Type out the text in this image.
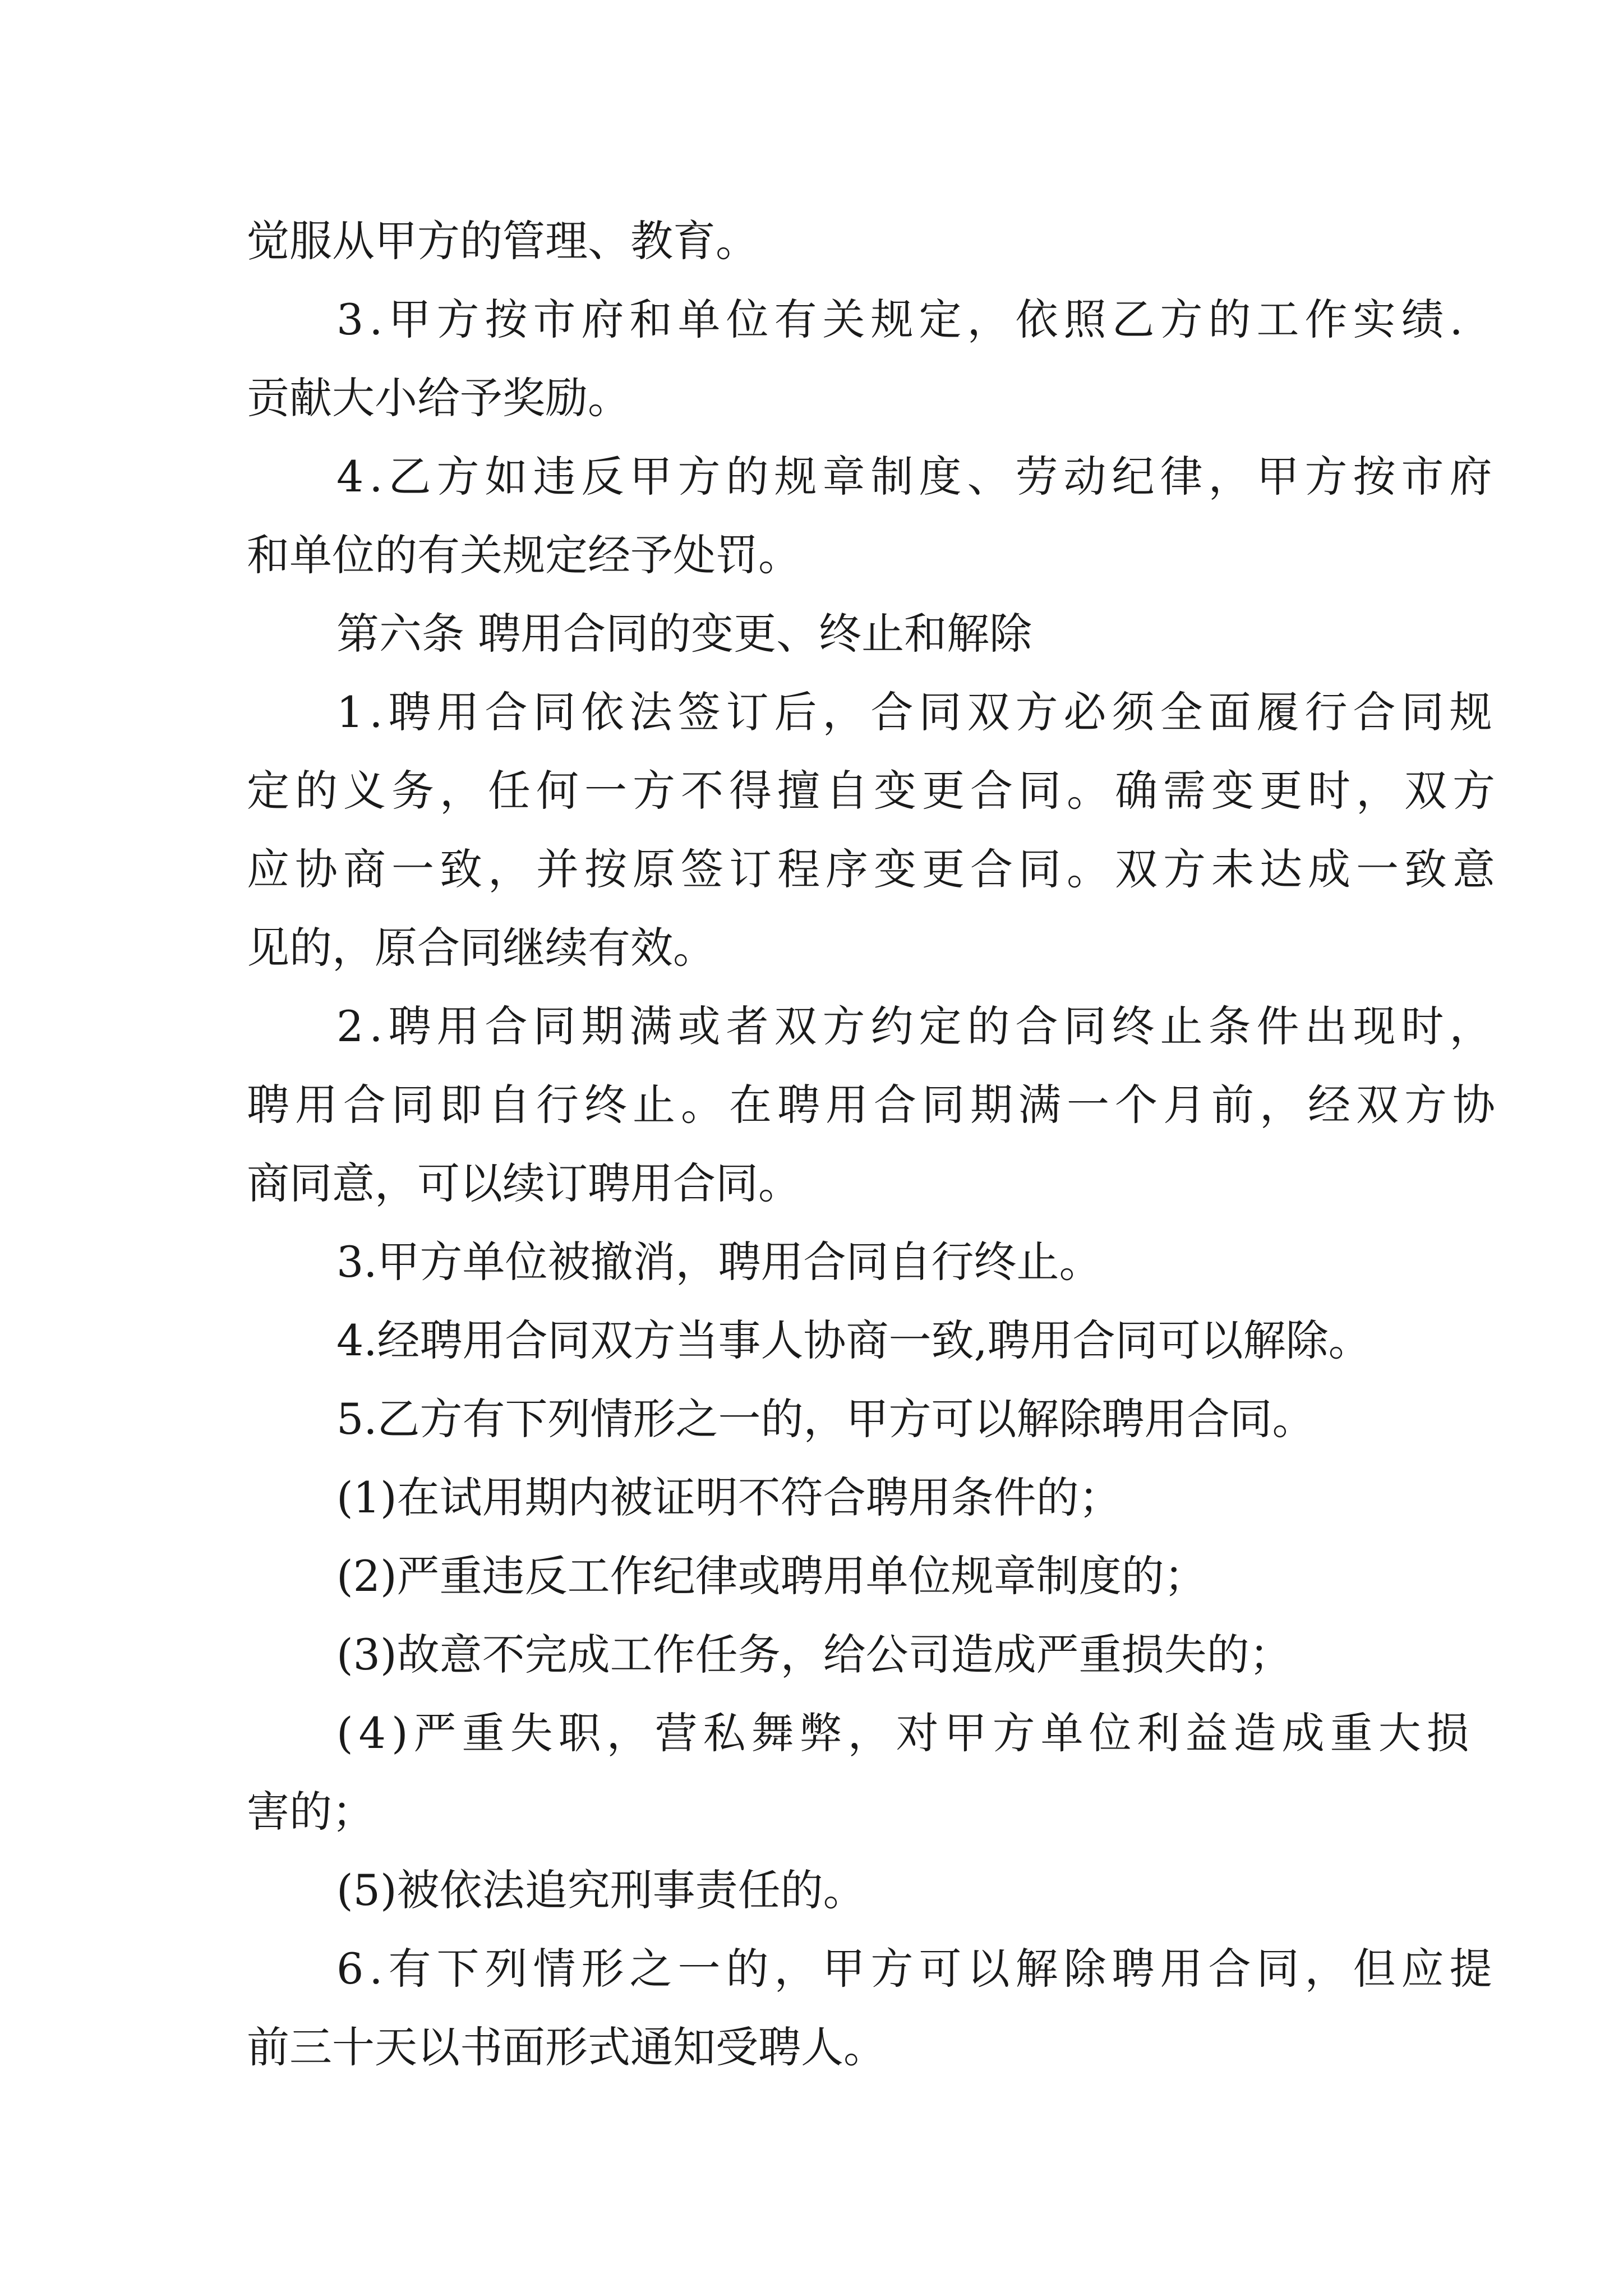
觉服从甲方的管理、教育。
3.甲方按市府和单位有关规定，依照乙方的工作实绩.
贡献大小给予奖励。
4.乙方如违反甲方的规章制度、劳动纪律，甲方按市府
和单位的有关规定经予处罚。
第六条 聘用合同的变更、终止和解除
1.聘用合同依法签订后，合同双方必须全面履行合同规
定的义务，任何一方不得擅自变更合同。确需变更时，双方
应协商一致，并按原签订程序变更合同。双方未达成一致意
见的，原合同继续有效。
2.聘用合同期满或者双方约定的合同终止条件出现时，
聘用合同即自行终止。在聘用合同期满一个月前，经双方协
商同意，可以续订聘用合同。
3.甲方单位被撤消，聘用合同自行终止。
4.经聘用合同双方当事人协商一致,聘用合同可以解除。
5.乙方有下列情形之一的，甲方可以解除聘用合同。
(1)在试用期内被证明不符合聘用条件的；
(2)严重违反工作纪律或聘用单位规章制度的；
(3)故意不完成工作任务，给公司造成严重损失的；
(4)严重失职，营私舞弊，对甲方单位利益造成重大损
害的；
(5)被依法追究刑事责任的。
6.有下列情形之一的，甲方可以解除聘用合同，但应提
前三十天以书面形式通知受聘人。
